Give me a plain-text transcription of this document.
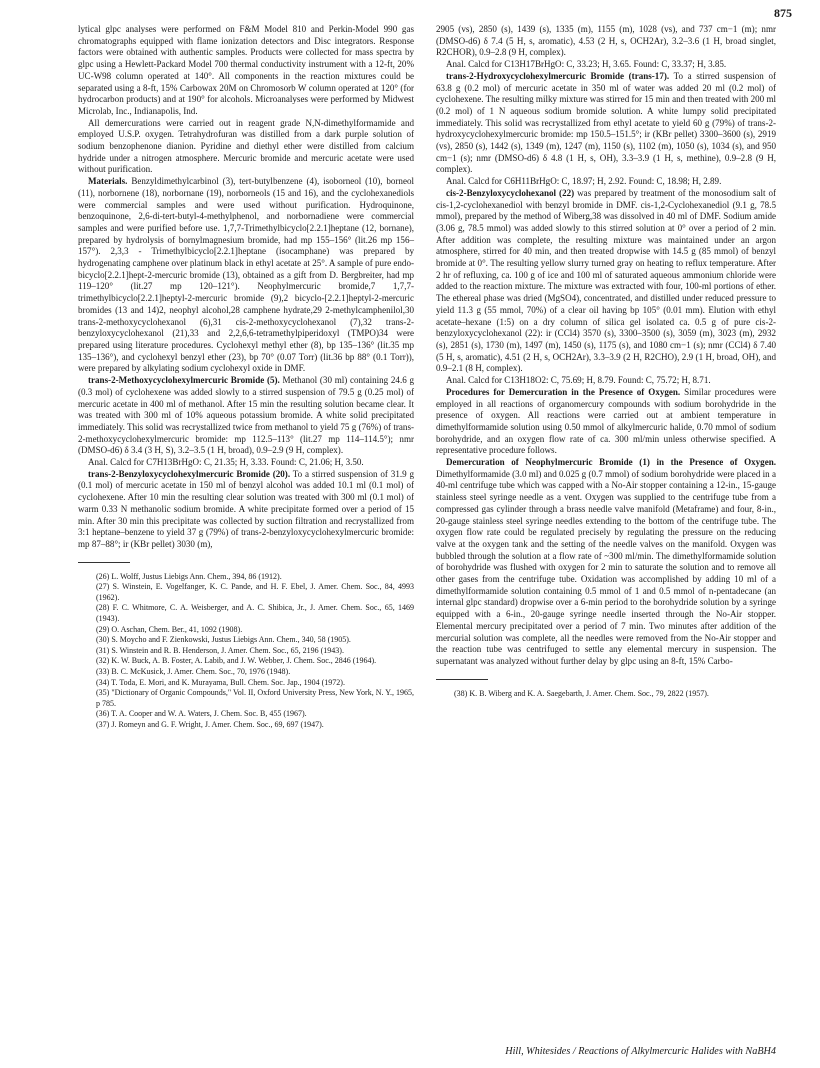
875

lytical glpc analyses were performed on F&M Model 810 and Perkin-Model 990 gas chromatographs equipped with flame ionization detectors and Disc integrators. Response factors were obtained with authentic samples. Products were collected for mass spectra by glpc using a Hewlett-Packard Model 700 thermal conductivity instrument with a 12-ft, 20% UC-W98 column operated at 140°. All components in the reaction mixtures could be separated using a 8-ft, 15% Carbowax 20M on Chromosorb W column operated at 120° (for hydrocarbon products) and at 190° for alcohols. Microanalyses were performed by Midwest Microlab, Inc., Indianapolis, Ind.

All demercurations were carried out in reagent grade N,N-dimethylformamide and employed U.S.P. oxygen. Tetrahydrofuran was distilled from a dark purple solution of sodium benzophenone dianion. Pyridine and diethyl ether were distilled from calcium hydride under a nitrogen atmosphere. Mercuric bromide and mercuric acetate were used without purification.

Materials. Benzyldimethylcarbinol (3), tert-butylbenzene (4), isoborneol (10), borneol (11), norbornene (18), norbornane (19), norborneols (15 and 16), and the cyclohexanediols were commercial samples and were used without purification. Hydroquinone, benzoquinone, 2,6-di-tert-butyl-4-methylphenol, and norbornadiene were commercial samples and were purified before use. 1,7,7-Trimethylbicyclo[2.2.1]heptane (12, bornane), prepared by hydrolysis of bornylmagnesium bromide, had mp 155–156° (lit.26 mp 156–157°). 2,3,3 - Trimethylbicyclo[2.2.1]heptane (isocamphane) was prepared by hydrogenating camphene over platinum black in ethyl acetate at 25°. A sample of pure endo-bicyclo[2.2.1]hept-2-mercuric bromide (13), obtained as a gift from D. Bergbreiter, had mp 119–120° (lit.27 mp 120–121°). Neophylmercuric bromide,7 1,7,7-trimethylbicyclo[2.2.1]heptyl-2-mercuric bromide (9),2 bicyclo-[2.2.1]heptyl-2-mercuric bromides (13 and 14)2, neophyl alcohol,28 camphene hydrate,29 2-methylcamphenilol,30 trans-2-methoxycyclohexanol (6),31 cis-2-methoxycyclohexanol (7),32 trans-2-benzyloxycyclohexanol (21),33 and 2,2,6,6-tetramethylpiperidoxyl (TMPO)34 were prepared using literature procedures. Cyclohexyl methyl ether (8), bp 135–136° (lit.35 mp 135–136°), and cyclohexyl benzyl ether (23), bp 70° (0.07 Torr) (lit.36 bp 88° (0.1 Torr)), were prepared by alkylating sodium cyclohexyl oxide in DMF.

trans-2-Methoxycyclohexylmercuric Bromide (5). Methanol (30 ml) containing 24.6 g (0.3 mol) of cyclohexene was added slowly to a stirred suspension of 79.5 g (0.25 mol) of mercuric acetate in 400 ml of methanol. After 15 min the resulting solution became clear. It was treated with 300 ml of 10% aqueous potassium bromide. A white solid precipitated immediately. This solid was recrystallized twice from methanol to yield 75 g (76%) of trans-2-methoxycyclohexylmercuric bromide: mp 112.5–113° (lit.27 mp 114–114.5°); nmr (DMSO-d6) δ 3.4 (3 H, S), 3.2–3.5 (1 H, broad), 0.9–2.9 (9 H, complex).

Anal. Calcd for C7H13BrHgO: C, 21.35; H, 3.33. Found: C, 21.06; H, 3.50.

trans-2-Benzyloxycyclohexylmercuric Bromide (20). To a stirred suspension of 31.9 g (0.1 mol) of mercuric acetate in 150 ml of benzyl alcohol was added 10.1 ml (0.1 mol) of cyclohexene. After 10 min the resulting clear solution was treated with 300 ml (0.1 mol) of warm 0.33 N methanolic sodium bromide. A white precipitate formed over a period of 15 min. After 30 min this precipitate was collected by suction filtration and recrystallized from 3:1 heptane–benzene to yield 37 g (79%) of trans-2-benzyloxycyclohexylmercuric bromide: mp 87–88°; ir (KBr pellet) 3030 (m),

(26) L. Wolff, Justus Liebigs Ann. Chem., 394, 86 (1912).

(27) S. Winstein, E. Vogelfanger, K. C. Pande, and H. F. Ebel, J. Amer. Chem. Soc., 84, 4993 (1962).

(28) F. C. Whitmore, C. A. Weisberger, and A. C. Shibica, Jr., J. Amer. Chem. Soc., 65, 1469 (1943).

(29) O. Aschan, Chem. Ber., 41, 1092 (1908).

(30) S. Moycho and F. Zienkowski, Justus Liebigs Ann. Chem., 340, 58 (1905).

(31) S. Winstein and R. B. Henderson, J. Amer. Chem. Soc., 65, 2196 (1943).

(32) K. W. Buck, A. B. Foster, A. Labib, and J. W. Webber, J. Chem. Soc., 2846 (1964).

(33) B. C. McKusick, J. Amer. Chem. Soc., 70, 1976 (1948).

(34) T. Toda, E. Mori, and K. Murayama, Bull. Chem. Soc. Jap., 1904 (1972).

(35) "Dictionary of Organic Compounds," Vol. II, Oxford University Press, New York, N. Y., 1965, p 785.

(36) T. A. Cooper and W. A. Waters, J. Chem. Soc. B, 455 (1967).

(37) J. Romeyn and G. F. Wright, J. Amer. Chem. Soc., 69, 697 (1947).

2905 (vs), 2850 (s), 1439 (s), 1335 (m), 1155 (m), 1028 (vs), and 737 cm−1 (m); nmr (DMSO-d6) δ 7.4 (5 H, s, aromatic), 4.53 (2 H, s, OCH2Ar), 3.2–3.6 (1 H, broad singlet, R2CHOR), 0.9–2.8 (9 H, complex).

Anal. Calcd for C13H17BrHgO: C, 33.23; H, 3.65. Found: C, 33.37; H, 3.85.

trans-2-Hydroxycyclohexylmercuric Bromide (trans-17). To a stirred suspension of 63.8 g (0.2 mol) of mercuric acetate in 350 ml of water was added 20 ml (0.2 mol) of cyclohexene. The resulting milky mixture was stirred for 15 min and then treated with 200 ml (0.2 mol) of 1 N aqueous sodium bromide solution. A white lumpy solid precipitated immediately. This solid was recrystallized from ethyl acetate to yield 60 g (79%) of trans-2-hydroxycyclohexylmercuric bromide: mp 150.5–151.5°; ir (KBr pellet) 3300–3600 (s), 2919 (vs), 2850 (s), 1442 (s), 1349 (m), 1247 (m), 1150 (s), 1102 (m), 1050 (s), 1034 (s), and 950 cm−1 (s); nmr (DMSO-d6) δ 4.8 (1 H, s, OH), 3.3–3.9 (1 H, s, methine), 0.9–2.8 (9 H, complex).

Anal. Calcd for C6H11BrHgO: C, 18.97; H, 2.92. Found: C, 18.98; H, 2.89.

cis-2-Benzyloxycyclohexanol (22) was prepared by treatment of the monosodium salt of cis-1,2-cyclohexanediol with benzyl bromide in DMF. cis-1,2-Cyclohexanediol (9.1 g, 78.5 mmol), prepared by the method of Wiberg,38 was dissolved in 40 ml of DMF. Sodium amide (3.06 g, 78.5 mmol) was added slowly to this stirred solution at 0° over a period of 2 min. After addition was complete, the resulting mixture was maintained under an argon atmosphere, stirred for 40 min, and then treated dropwise with 14.5 g (85 mmol) of benzyl bromide at 0°. The resulting yellow slurry turned gray on heating to reflux temperature. After 2 hr of refluxing, ca. 100 g of ice and 100 ml of saturated aqueous ammonium chloride were added to the reaction mixture. The mixture was extracted with four, 100-ml portions of ether. The ethereal phase was dried (MgSO4), concentrated, and distilled under reduced pressure to yield 11.3 g (55 mmol, 70%) of a clear oil having bp 105° (0.01 mm). Elution with ethyl acetate–hexane (1:5) on a dry column of silica gel isolated ca. 0.5 g of pure cis-2-benzyloxycyclohexanol (22): ir (CCl4) 3570 (s), 3300–3500 (s), 3059 (m), 3023 (m), 2932 (s), 2851 (s), 1730 (m), 1497 (m), 1450 (s), 1175 (s), and 1080 cm−1 (s); nmr (CCl4) δ 7.40 (5 H, s, aromatic), 4.51 (2 H, s, OCH2Ar), 3.3–3.9 (2 H, R2CHO), 2.9 (1 H, broad, OH), and 0.9–2.1 (8 H, complex).

Anal. Calcd for C13H18O2: C, 75.69; H, 8.79. Found: C, 75.72; H, 8.71.

Procedures for Demercuration in the Presence of Oxygen. Similar procedures were employed in all reactions of organomercury compounds with sodium borohydride in the presence of oxygen. All reactions were carried out at ambient temperature in dimethylformamide solution using 0.50 mmol of alkylmercuric halide, 0.70 mmol of sodium borohydride, and an oxygen flow rate of ca. 300 ml/min unless otherwise specified. A representative procedure follows.

Demercuration of Neophylmercuric Bromide (1) in the Presence of Oxygen. Dimethylformamide (3.0 ml) and 0.025 g (0.7 mmol) of sodium borohydride were placed in a 40-ml centrifuge tube which was capped with a No-Air stopper containing a 12-in., 15-gauge stainless steel syringe needle as a vent. Oxygen was supplied to the centrifuge tube from a compressed gas cylinder through a brass needle valve manifold (Metaframe) and four, 8-in., 20-gauge stainless steel syringe needles extending to the bottom of the centrifuge tube. The oxygen flow rate could be regulated precisely by regulating the pressure on the reducing valve at the oxygen tank and the setting of the needle valves on the manifold. Oxygen was bubbled through the solution at a flow rate of ~300 ml/min. The dimethylformamide solution of borohydride was flushed with oxygen for 2 min to saturate the solution and to remove all other gases from the centrifuge tube. Oxidation was accomplished by adding 10 ml of a dimethylformamide solution containing 0.5 mmol of 1 and 0.5 mmol of n-pentadecane (an internal glpc standard) dropwise over a 6-min period to the borohydride solution by a syringe equipped with a 6-in., 20-gauge syringe needle inserted through the No-Air stopper. Elemental mercury precipitated over a period of 7 min. Two minutes after addition of the mercurial solution was complete, all the needles were removed from the No-Air stopper and the reaction tube was centrifuged to settle any elemental mercury in suspension. The supernatant was analyzed without further delay by glpc using an 8-ft, 15% Carbo-

(38) K. B. Wiberg and K. A. Saegebarth, J. Amer. Chem. Soc., 79, 2822 (1957).

Hill, Whitesides / Reactions of Alkylmercuric Halides with NaBH4
